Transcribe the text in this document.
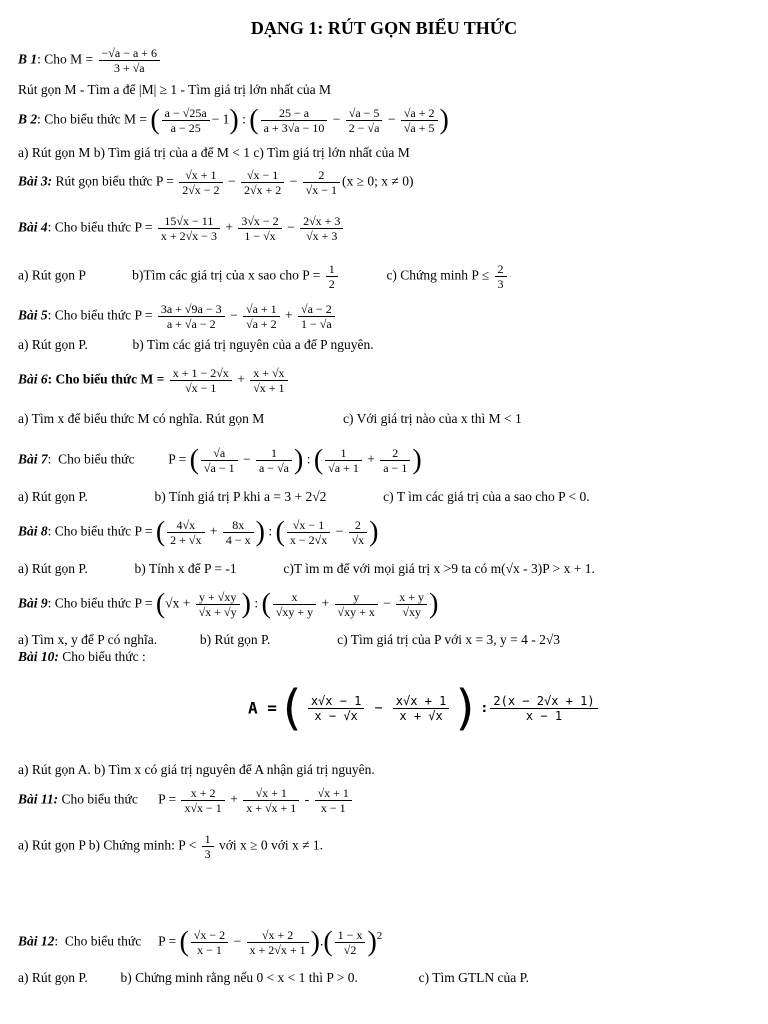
DẠNG 1: RÚT GỌN BIỂU THỨC
B 1: Cho $M = \frac{-√a - a + 6}{3 + √a}$
Rút gọn M - Tìm a để |M| ≥ 1 - Tìm giá trị lớn nhất của M
B 2: Cho biểu thức M = ( $\frac{a - √25a}{a - 25} - 1$) : ( $\frac{25 - a}{a + 3√a - 10} - \frac{√a - 5}{2 - √a} - \frac{√a + 2}{√a + 5}$ )
a) Rút gọn M b) Tìm giá trị của a để M < 1 c) Tìm giá trị lớn nhất của M
Bài 3: Rút gọn biểu thức $P = \frac{√x + 1}{2√x - 2} - \frac{√x - 1}{2√x + 2} - \frac{2}{√x - 1} (x \ge 0$; x ≠ 0)
Bài 4: Cho biểu thức $P = \frac{15√x - 11}{x + 2√x - 3} + \frac{3√x - 2}{1 - √x} - \frac{2√x + 3}{√x + 3}$
a) Rút gọn P	b)Tìm các giá trị của x sao cho $P = \frac{1}{2}$	c) Chứng minh $P \le \frac{2}{3}$
Bài 5: Cho biểu thức $P = \frac{3a + √9a - 3}{a + √a - 2} - \frac{√a + 1}{√a + 2} + \frac{√a - 2}{1 - √a}$
a) Rút gọn P.	b) Tìm các giá trị nguyên của a để P nguyên.
Bài 6: Cho biểu thức $M = \frac{x + 1 - 2√x}{√x - 1} + \frac{x + √x}{√x + 1}$
a) Tìm x để biểu thức M có nghĩa. Rút gọn M	c) Với giá trị nào của x thì M < 1
Bài 7:  Cho biểu thức          P = ( $\frac{√a}{√a - 1} - \frac{1}{a - √a}$ ) : ( $\frac{1}{√a + 1} + \frac{2}{a - 1}$ )
a) Rút gọn P.	b) Tính giá trị P khi a = 3 + 2√2	c) T ìm các giá trị của a sao cho P < 0.
Bài 8: Cho biểu thức P = ( $\frac{4√x}{2 + √x} + \frac{8x}{4 - x}$ ) : ( $\frac{√x - 1}{x - 2√x} - \frac{2}{√x}$ )
a) Rút gọn P.	b) Tính x để P = -1	c)T ìm m để với mọi giá trị x >9 ta có m(√x - 3)P > x + 1.
Bài 9: Cho biểu thức $P = (√x + \frac{y + √xy}{√x + √y}$ ) : ( $\frac{x}{√xy + y} + \frac{y}{√xy + x} - \frac{x + y}{√xy}$ )
a) Tìm x, y để P có nghĩa.	b) Rút gọn P.	c) Tìm giá trị của P với x = 3, y = 4 - 2√3
Bài 10: Cho biểu thức :
A =( $\frac{x√x - 1}{x - √x} - \frac{x√x + 1}{x + √x}$ ): $\frac{2(x - 2√x + 1)}{x - 1}$
a) Rút gọn A. b) Tìm x có giá trị nguyên để A nhận giá trị nguyên.
Bài 11: Cho biểu thức      $P = \frac{x + 2}{x√x - 1} + \frac{√x + 1}{x + √x + 1} - \frac{√x + 1}{x - 1}$
a) Rút gọn P b) Chứng minh: $P < \frac{1}{3}$ với x ≥ 0 với x ≠ 1.
Bài 12:  Cho biểu thức     P = ( $\frac{√x - 2}{x - 1} - \frac{√x + 2}{x + 2√x + 1}$ ).( $\frac{1 - x}{√2} )^2$
a) Rút gọn P. b) Chứng minh rằng nếu 0 < x < 1 thì P > 0.	c) Tìm GTLN của P.
